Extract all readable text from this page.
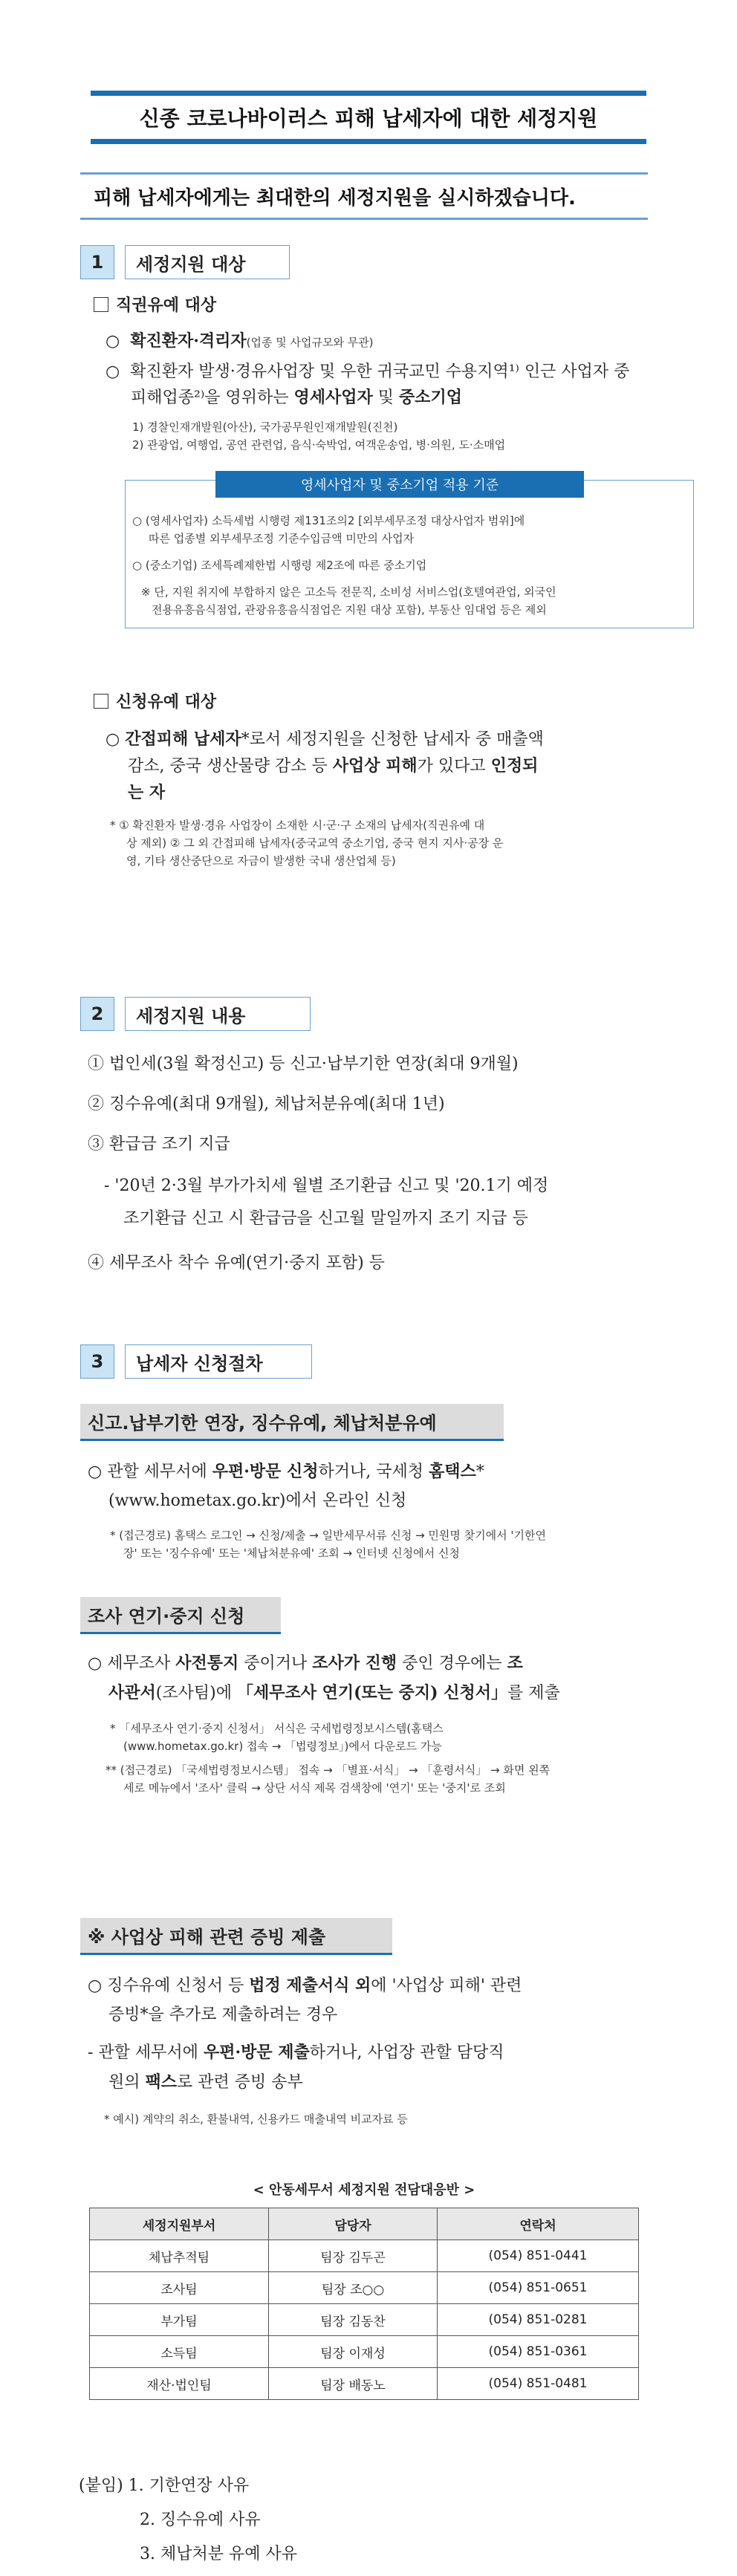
신종 코로나바이러스 피해 납세자에 대한 세정지원
피해 납세자에게는 최대한의 세정지원을 실시하겠습니다.
1	세정지원 대상
직권유예 대상
○  확진환자·격리자(업종 및 사업규모와 무관)
○  확진환자 발생·경유사업장 및 우한 귀국교민 수용지역¹⁾ 인근 사업자 중
피해업종²⁾을 영위하는 영세사업자 및 중소기업
1) 경찰인재개발원(아산), 국가공무원인재개발원(진천)
2) 관광업, 여행업, 공연 관련업, 음식·숙박업, 여객운송업, 병·의원, 도·소매업
영세사업자 및 중소기업 적용 기준
○ (영세사업자) 소득세법 시행령 제131조의2 [외부세무조정 대상사업자 범위]에
따른 업종별 외부세무조정 기준수입금액 미만의 사업자
○ (중소기업) 조세특례제한법 시행령 제2조에 따른 중소기업
※ 단, 지원 취지에 부합하지 않은 고소득 전문직, 소비성 서비스업(호텔여관업, 외국인
전용유흥음식점업, 관광유흥음식점업은 지원 대상 포함), 부동산 임대업 등은 제외
신청유예 대상
○ 간접피해 납세자*로서 세정지원을 신청한 납세자 중 매출액
감소, 중국 생산물량 감소 등 사업상 피해가 있다고 인정되
는 자
* ① 확진환자 발생·경유 사업장이 소재한 시·군·구 소재의 납세자(직권유예 대
상 제외) ② 그 외 간접피해 납세자(중국교역 중소기업, 중국 현지 지사·공장 운
영, 기타 생산중단으로 자금이 발생한 국내 생산업체 등)
2	세정지원 내용
① 법인세(3월 확정신고) 등 신고·납부기한 연장(최대 9개월)
② 징수유예(최대 9개월), 체납처분유예(최대 1년)
③ 환급금 조기 지급
- '20년 2·3월 부가가치세 월별 조기환급 신고 및 '20.1기 예정
조기환급 신고 시 환급금을 신고월 말일까지 조기 지급 등
④ 세무조사 착수 유예(연기·중지 포함) 등
3	납세자 신청절차
신고.납부기한 연장, 징수유예, 체납처분유예
○ 관할 세무서에 우편·방문 신청하거나, 국세청 홈택스*
(www.hometax.go.kr)에서 온라인 신청
* (접근경로) 홈택스 로그인 → 신청/제출 → 일반세무서류 신청 → 민원명 찾기에서 '기한연
장' 또는 '징수유예' 또는 '체납처분유예' 조회 → 인터넷 신청에서 신청
조사 연기·중지 신청
○ 세무조사 사전통지 중이거나 조사가 진행 중인 경우에는 조
사관서(조사팀)에 「세무조사 연기(또는 중지) 신청서」를 제출
* 「세무조사 연기·중지 신청서」 서식은 국세법령정보시스템(홈택스
(www.hometax.go.kr) 접속 → 「법령정보」)에서 다운로드 가능
** (접근경로) 「국세법령정보시스템」 접속 → 「별표·서식」 → 「훈령서식」 → 화면 왼쪽
세로 메뉴에서 '조사' 클릭 → 상단 서식 제목 검색창에 '연기' 또는 '중지'로 조회
※ 사업상 피해 관련 증빙 제출
○ 징수유예 신청서 등 법정 제출서식 외에 '사업상 피해' 관련
증빙*을 추가로 제출하려는 경우
- 관할 세무서에 우편·방문 제출하거나, 사업장 관할 담당직
원의 팩스로 관련 증빙 송부
* 예시) 계약의 취소, 환불내역, 신용카드 매출내역 비교자료 등
< 안동세무서 세정지원 전담대응반 >
세정지원부서	담당자	연락처
체납추적팀	팀장 김두곤	(054) 851-0441
조사팀	팀장 조○○	(054) 851-0651
부가팀	팀장 김동찬	(054) 851-0281
소득팀	팀장 이재성	(054) 851-0361
재산·법인팀	팀장 배동노	(054) 851-0481
(붙임) 1. 기한연장 사유
2. 징수유예 사유
3. 체납처분 유예 사유
